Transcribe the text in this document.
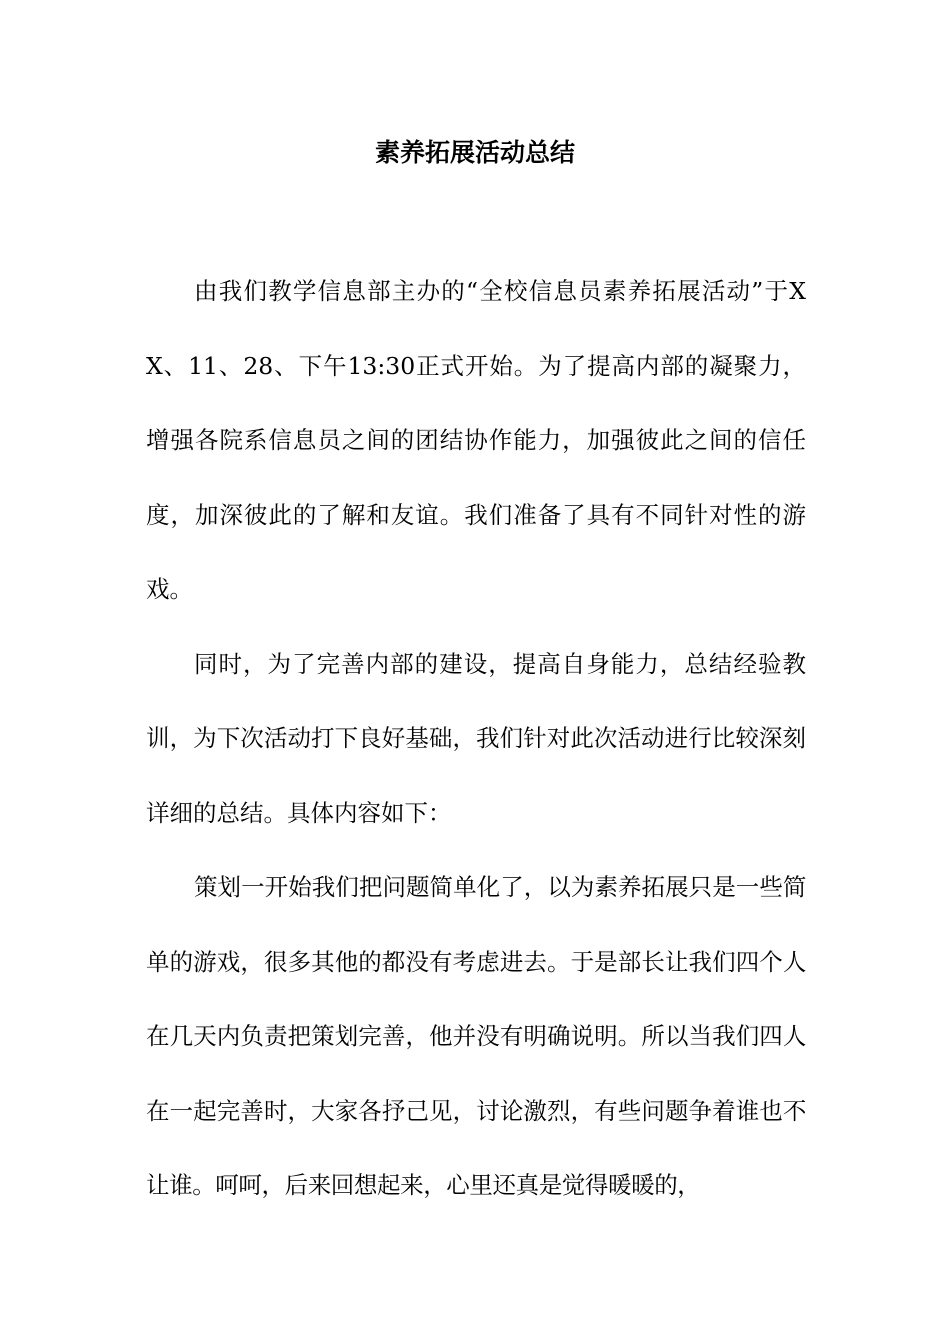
素养拓展活动总结

由我们教学信息部主办的“全校信息员素养拓展活动”于XX、11、28、下午13:30正式开始。为了提高内部的凝聚力，增强各院系信息员之间的团结协作能力，加强彼此之间的信任度，加深彼此的了解和友谊。我们准备了具有不同针对性的游戏。

同时，为了完善内部的建设，提高自身能力，总结经验教训，为下次活动打下良好基础，我们针对此次活动进行比较深刻详细的总结。具体内容如下：

策划一开始我们把问题简单化了，以为素养拓展只是一些简单的游戏，很多其他的都没有考虑进去。于是部长让我们四个人在几天内负责把策划完善，他并没有明确说明。所以当我们四人在一起完善时，大家各抒己见，讨论激烈，有些问题争着谁也不让谁。呵呵，后来回想起来，心里还真是觉得暖暖的，
